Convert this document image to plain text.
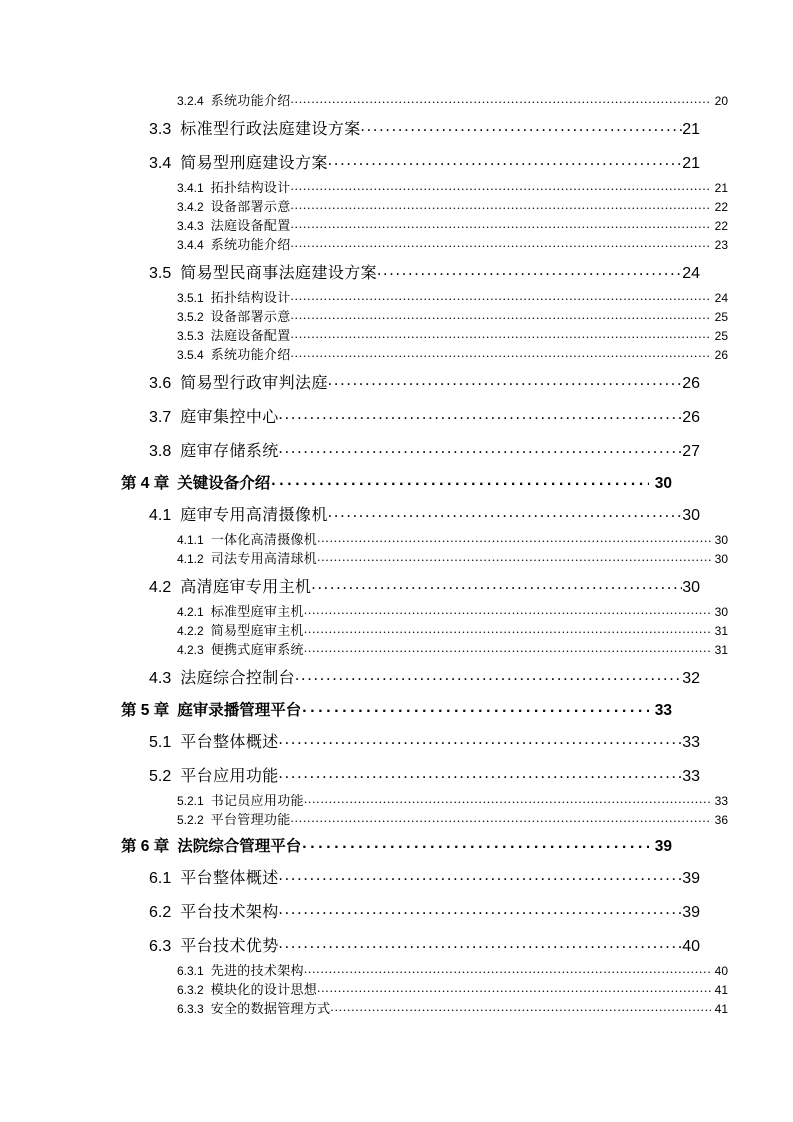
3.2.4 系统功能介绍 . . .	20
3.3 标准型行政法庭建设方案 . . .	21
3.4 简易型刑庭建设方案 . . .	21
3.4.1 拓扑结构设计 . . .	21
3.4.2 设备部署示意 . . .	22
3.4.3 法庭设备配置 . . .	22
3.4.4 系统功能介绍 . . .	23
3.5 简易型民商事法庭建设方案 . . .	24
3.5.1 拓扑结构设计 . . .	24
3.5.2 设备部署示意 . . .	25
3.5.3 法庭设备配置 . . .	25
3.5.4 系统功能介绍 . . .	26
3.6 简易型行政审判法庭 . . .	26
3.7 庭审集控中心 . . .	26
3.8 庭审存储系统 . . .	27
第 4 章 关键设备介绍 . . .	30
4.1 庭审专用高清摄像机 . . .	30
4.1.1 一体化高清摄像机 . . .	30
4.1.2 司法专用高清球机 . . .	30
4.2 高清庭审专用主机 . . .	30
4.2.1 标准型庭审主机 . . .	30
4.2.2 简易型庭审主机 . . .	31
4.2.3 便携式庭审系统 . . .	31
4.3 法庭综合控制台 . . .	32
第 5 章 庭审录播管理平台 . . .	33
5.1 平台整体概述 . . .	33
5.2 平台应用功能 . . .	33
5.2.1 书记员应用功能 . . .	33
5.2.2 平台管理功能 . . .	36
第 6 章 法院综合管理平台 . . .	39
6.1 平台整体概述 . . .	39
6.2 平台技术架构 . . .	39
6.3 平台技术优势 . . .	40
6.3.1 先进的技术架构 . . .	40
6.3.2 模块化的设计思想 . . .	41
6.3.3 安全的数据管理方式 . . .	41
